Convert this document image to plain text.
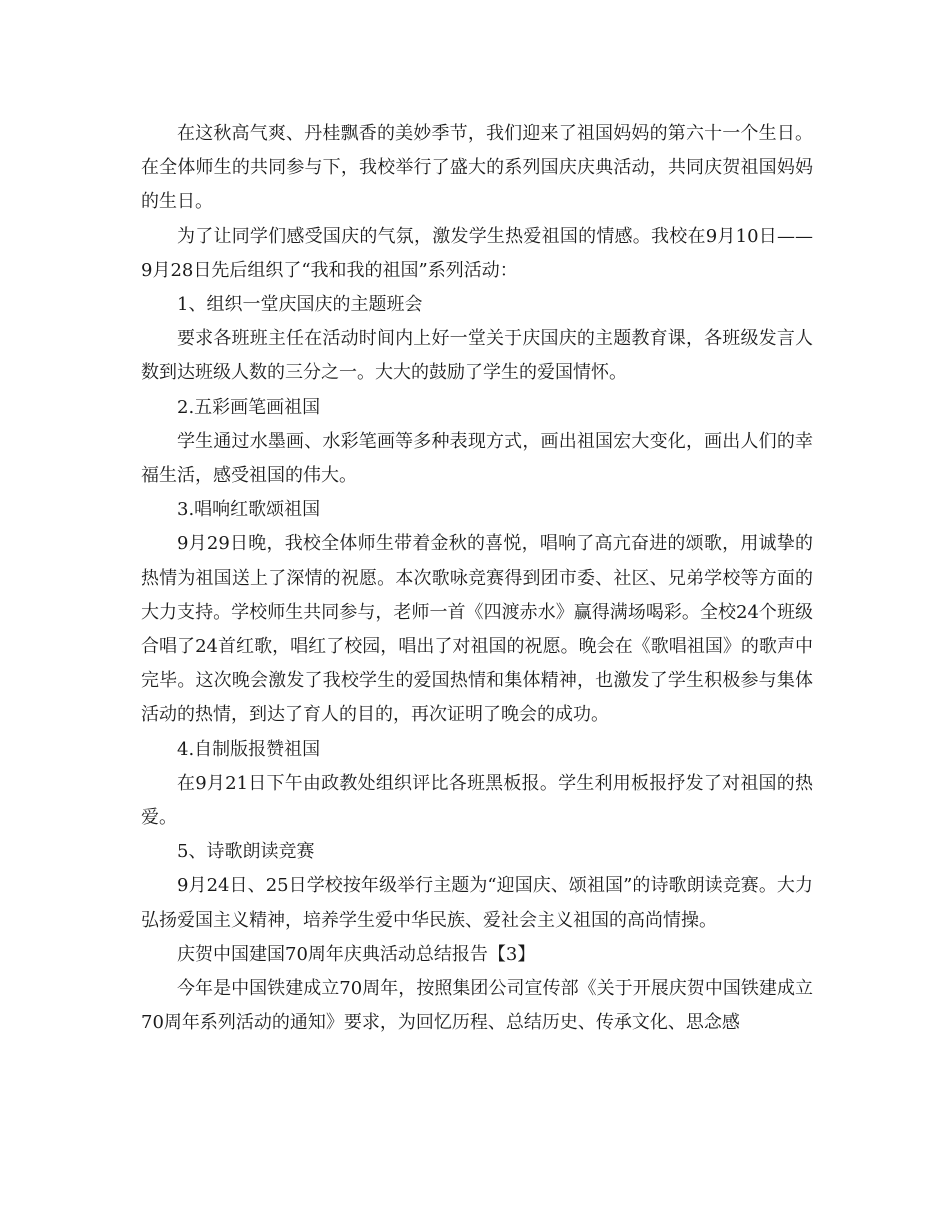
在这秋高气爽、丹桂飘香的美妙季节，我们迎来了祖国妈妈的第六十一个生日。在全体师生的共同参与下，我校举行了盛大的系列国庆庆典活动，共同庆贺祖国妈妈的生日。

为了让同学们感受国庆的气氛，激发学生热爱祖国的情感。我校在9月10日——9月28日先后组织了“我和我的祖国”系列活动：

1、组织一堂庆国庆的主题班会

要求各班班主任在活动时间内上好一堂关于庆国庆的主题教育课，各班级发言人数到达班级人数的三分之一。大大的鼓励了学生的爱国情怀。

2.五彩画笔画祖国

学生通过水墨画、水彩笔画等多种表现方式，画出祖国宏大变化，画出人们的幸福生活，感受祖国的伟大。

3.唱响红歌颂祖国

9月29日晚，我校全体师生带着金秋的喜悦，唱响了高亢奋进的颂歌，用诚挚的热情为祖国送上了深情的祝愿。本次歌咏竞赛得到团市委、社区、兄弟学校等方面的大力支持。学校师生共同参与，老师一首《四渡赤水》赢得满场喝彩。全校24个班级合唱了24首红歌，唱红了校园，唱出了对祖国的祝愿。晚会在《歌唱祖国》的歌声中完毕。这次晚会激发了我校学生的爱国热情和集体精神，也激发了学生积极参与集体活动的热情，到达了育人的目的，再次证明了晚会的成功。

4.自制版报赞祖国

在9月21日下午由政教处组织评比各班黑板报。学生利用板报抒发了对祖国的热爱。

5、诗歌朗读竞赛

9月24日、25日学校按年级举行主题为“迎国庆、颂祖国”的诗歌朗读竞赛。大力弘扬爱国主义精神，培养学生爱中华民族、爱社会主义祖国的高尚情操。

庆贺中国建国70周年庆典活动总结报告【3】

今年是中国铁建成立70周年，按照集团公司宣传部《关于开展庆贺中国铁建成立70周年系列活动的通知》要求，为回忆历程、总结历史、传承文化、思念感
